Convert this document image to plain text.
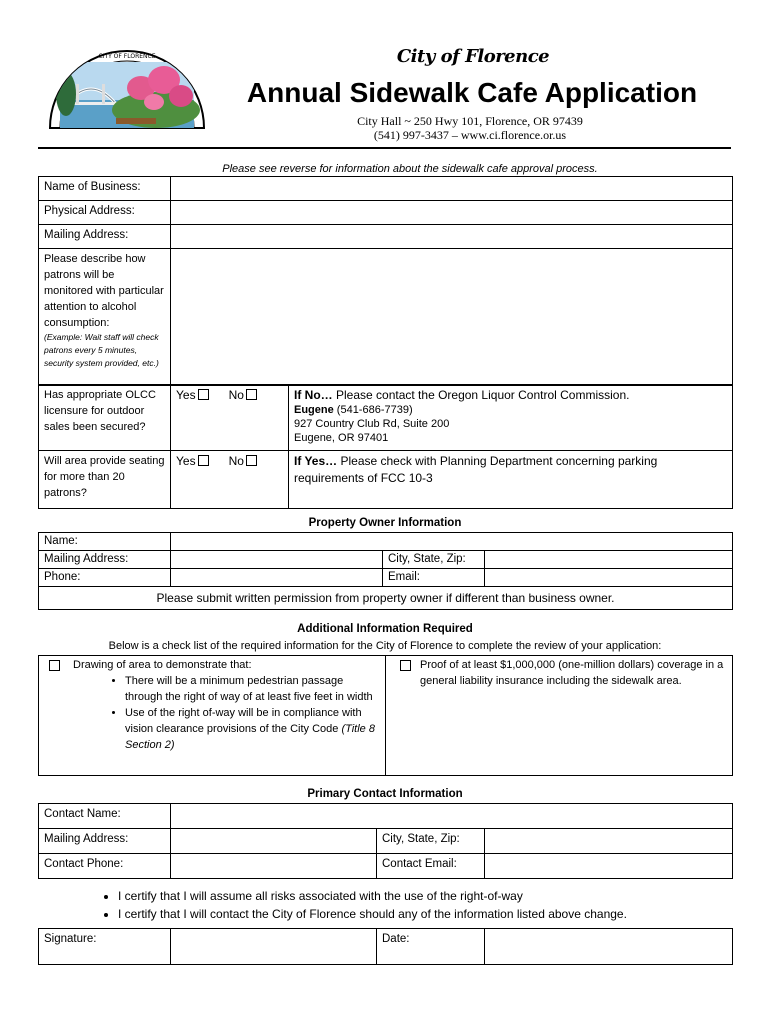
CITY OF FLORENCE	City of Florence
Annual Sidewalk Cafe Application
City Hall ~ 250 Hwy 101, Florence, OR 97439
(541) 997-3437 – www.ci.florence.or.us
Please see reverse for information about the sidewalk cafe approval process.
Name of Business:	
Physical Address:	
Mailing Address:	

Please describe how patrons will be monitored with particular attention to alcohol consumption:
(Example: Wait staff will check patrons every 5 minutes, security system provided, etc.)	

Has appropriate OLCC licensure for outdoor sales been secured?	Yes No	If No… Please contact the Oregon Liquor Control Commission.
Eugene (541-686-7739)
927 Country Club Rd, Suite 200
Eugene, OR 97401

Will area provide seating for more than 20 patrons?	Yes No	If Yes… Please check with Planning Department concerning parking requirements of FCC 10-3
Property Owner Information
Name:			
Mailing Address:		City, State, Zip:	
Phone:		Email:	
Please submit written permission from property owner if different than business owner.			
Additional Information Required
Below is a check list of the required information for the City of Florence to complete the review of your application:
Drawing of area to demonstrate that:
• There will be a minimum pedestrian passage through the right of way of at least five feet in width
• Use of the right of-way will be in compliance with vision clearance provisions of the City Code (Title 8 Section 2)

Proof of at least $1,000,000 (one-million dollars) coverage in a general liability insurance including the sidewalk area.
Primary Contact Information
Contact Name:			
Mailing Address:		City, State, Zip:	
Contact Phone:		Contact Email:	
• I certify that I will assume all risks associated with the use of the right-of-way
• I certify that I will contact the City of Florence should any of the information listed above change.
Signature:		Date:	
